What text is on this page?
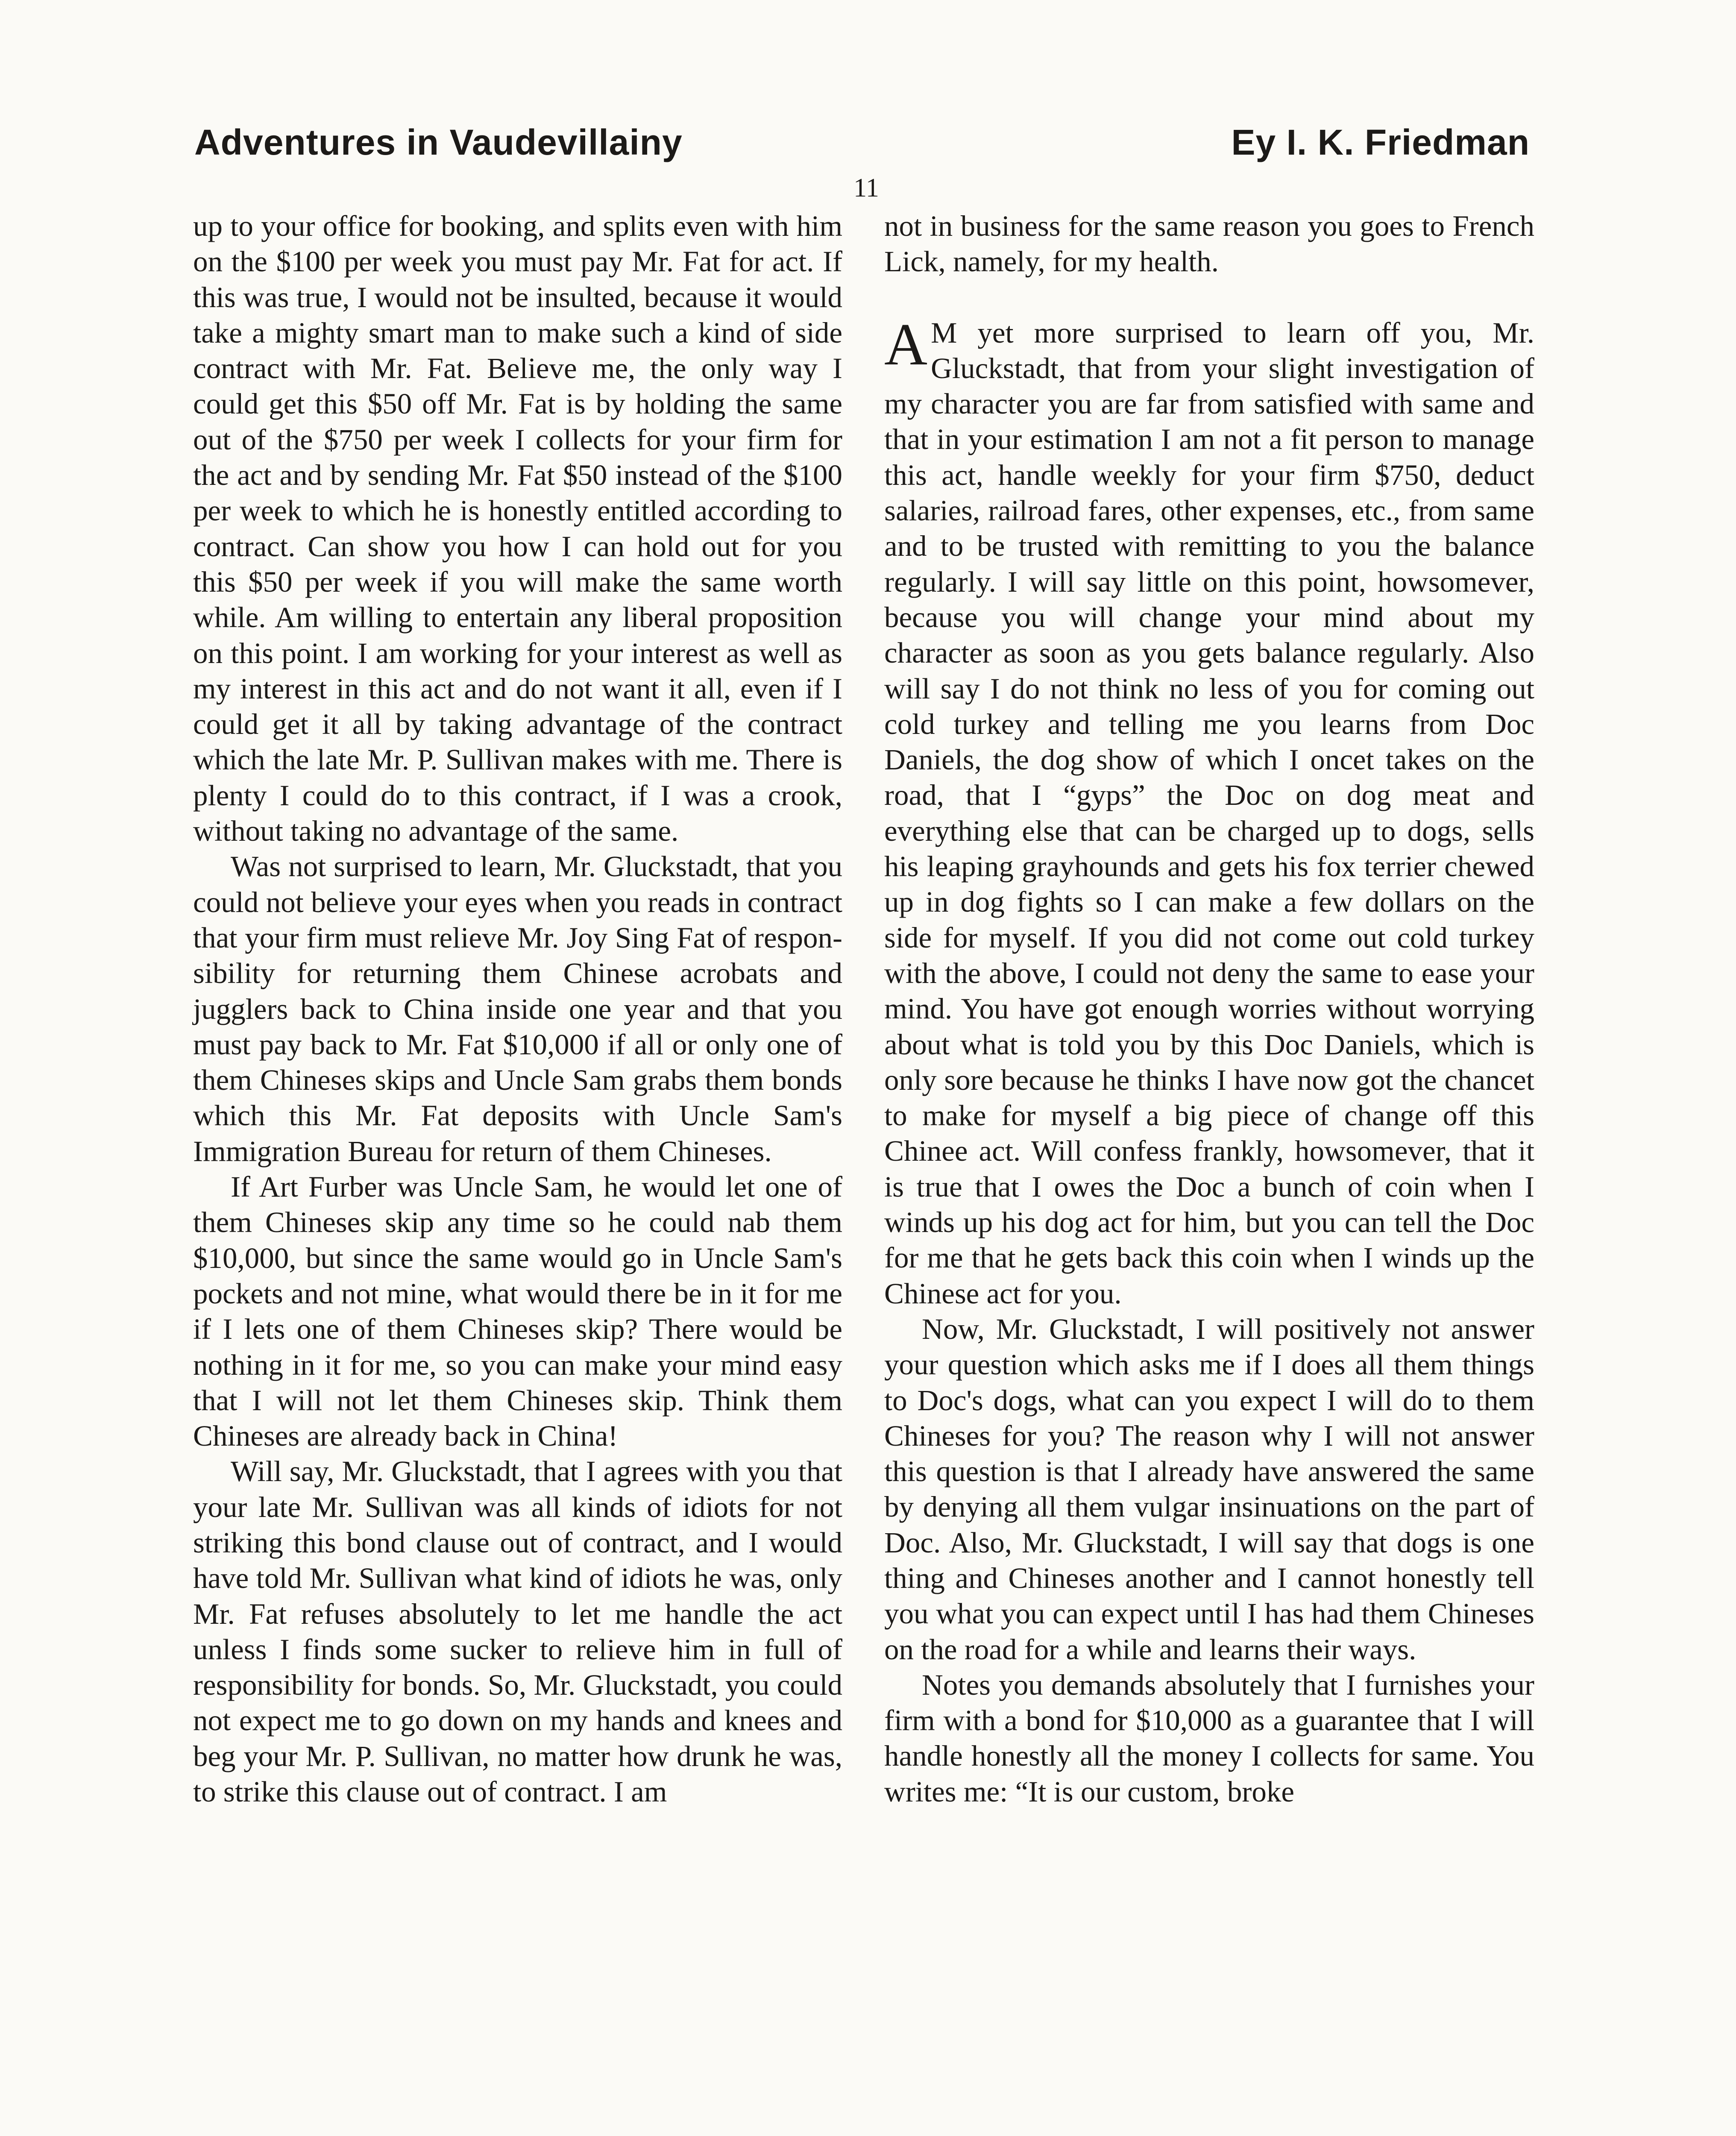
Adventures in Vaudevillainy	Ey I. K. Friedman
11

up to your office for booking, and splits even with him on the $100 per week you must pay Mr. Fat for act. If this was true, I would not be insulted, because it would take a mighty smart man to make such a kind of side contract with Mr. Fat. Believe me, the only way I could get this $50 off Mr. Fat is by holding the same out of the $750 per week I collects for your firm for the act and by sending Mr. Fat $50 instead of the $100 per week to which he is honestly entitled according to contract. Can show you how I can hold out for you this $50 per week if you will make the same worth while. Am willing to entertain any liberal proposition on this point. I am working for your interest as well as my interest in this act and do not want it all, even if I could get it all by taking advantage of the contract which the late Mr. P. Sullivan makes with me. There is plenty I could do to this contract, if I was a crook, without taking no advantage of the same.

Was not surprised to learn, Mr. Gluckstadt, that you could not believe your eyes when you reads in contract that your firm must relieve Mr. Joy Sing Fat of responsibility for returning them Chinese acrobats and jugglers back to China inside one year and that you must pay back to Mr. Fat $10,000 if all or only one of them Chineses skips and Uncle Sam grabs them bonds which this Mr. Fat deposits with Uncle Sam's Immigration Bureau for return of them Chineses.

If Art Furber was Uncle Sam, he would let one of them Chineses skip any time so he could nab them $10,000, but since the same would go in Uncle Sam's pockets and not mine, what would there be in it for me if I lets one of them Chineses skip? There would be nothing in it for me, so you can make your mind easy that I will not let them Chineses skip. Think them Chineses are already back in China!

Will say, Mr. Gluckstadt, that I agrees with you that your late Mr. Sullivan was all kinds of idiots for not striking this bond clause out of contract, and I would have told Mr. Sullivan what kind of idiots he was, only Mr. Fat refuses absolutely to let me handle the act unless I finds some sucker to relieve him in full of responsibility for bonds. So, Mr. Gluckstadt, you could not expect me to go down on my hands and knees and beg your Mr. P. Sullivan, no matter how drunk he was, to strike this clause out of contract. I am

not in business for the same reason you goes to French Lick, namely, for my health.

A M yet more surprised to learn off you, Mr. Gluckstadt, that from your slight investigation of my character you are far from satisfied with same and that in your estimation I am not a fit person to manage this act, handle weekly for your firm $750, deduct salaries, railroad fares, other expenses, etc., from same and to be trusted with remitting to you the balance regularly. I will say little on this point, howsomever, because you will change your mind about my character as soon as you gets balance regularly. Also will say I do not think no less of you for coming out cold turkey and telling me you learns from Doc Daniels, the dog show of which I oncet takes on the road, that I “gyps” the Doc on dog meat and everything else that can be charged up to dogs, sells his leaping grayhounds and gets his fox terrier chewed up in dog fights so I can make a few dollars on the side for myself. If you did not come out cold turkey with the above, I could not deny the same to ease your mind. You have got enough worries without worrying about what is told you by this Doc Daniels, which is only sore because he thinks I have now got the chancet to make for myself a big piece of change off this Chinee act. Will confess frankly, howsomever, that it is true that I owes the Doc a bunch of coin when I winds up his dog act for him, but you can tell the Doc for me that he gets back this coin when I winds up the Chinese act for you.

Now, Mr. Gluckstadt, I will positively not answer your question which asks me if I does all them things to Doc's dogs, what can you expect I will do to them Chineses for you? The reason why I will not answer this question is that I already have answered the same by denying all them vulgar insinuations on the part of Doc. Also, Mr. Gluckstadt, I will say that dogs is one thing and Chineses another and I cannot honestly tell you what you can expect until I has had them Chineses on the road for a while and learns their ways.

Notes you demands absolutely that I furnishes your firm with a bond for $10,000 as a guarantee that I will handle honestly all the money I collects for same. You writes me: “It is our custom, broke
